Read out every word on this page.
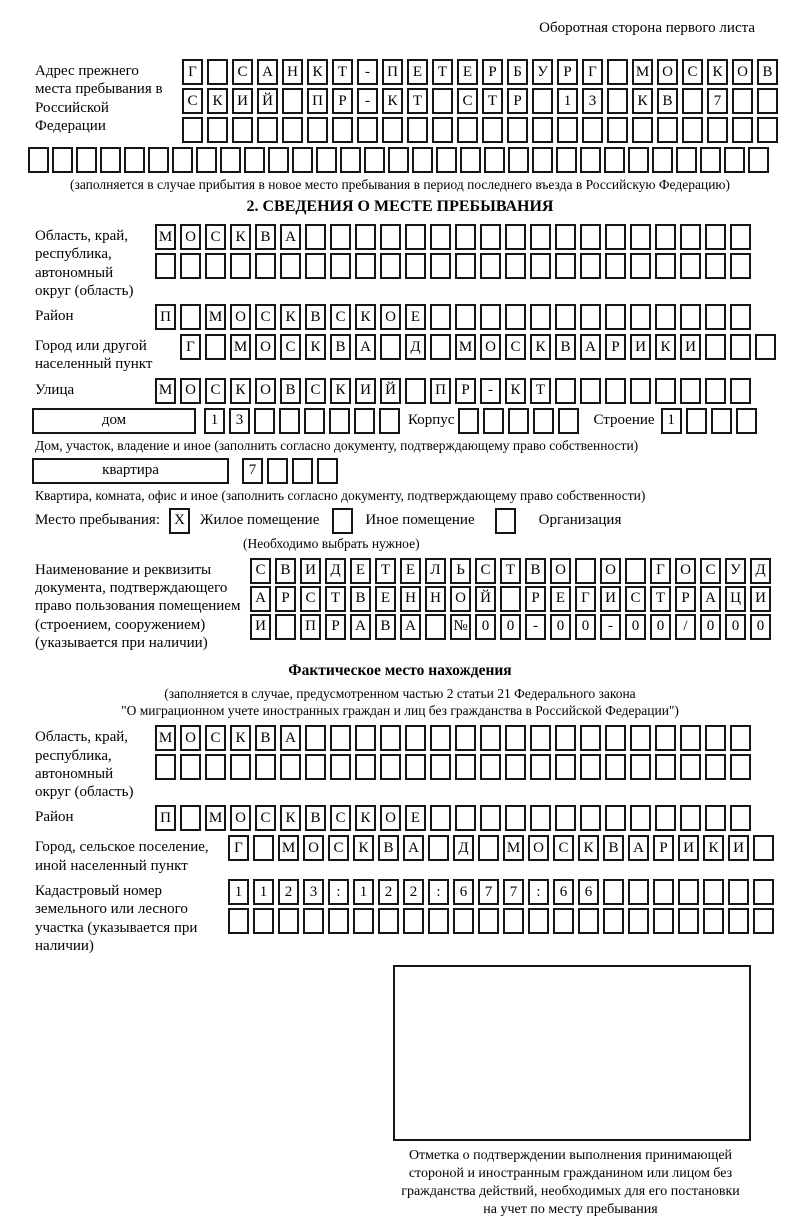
Оборотная сторона первого листа
Адрес прежнего места пребывания в Российской Федерации
Г	С А Н К	Т	-	П Е	Т	Е	Р	Б	У	Р	Г	М О С К О В
С К И Й	П	Р	-	К	Т	С	Т	Р	1	3	К В	7
(заполняется в случае прибытия в новое место пребывания в период последнего въезда в Российскую Федерацию)
2. СВЕДЕНИЯ О МЕСТЕ ПРЕБЫВАНИЯ
Область, край, республика, автономный округ (область)
М О С К В А
Район	П	М О С К В С К О Е
Город или другой населенный пункт
Г	М О С К В А	Д	М О С К В А	Р	И К И
Улица	М О С К О В С К И Й	П	Р	-	К	Т
дом	1	3	Корпус	Строение 1
Дом, участок, владение и иное (заполнить согласно документу, подтверждающему право собственности)
квартира	7
Квартира, комната, офис и иное (заполнить согласно документу, подтверждающему право собственности)
Место пребывания: X	Жилое помещение	Иное помещение	Организация
(Необходимо выбрать нужное)
Наименование и реквизиты документа, подтверждающего право пользования помещением (строением, сооружением) (указывается при наличии)
С В И Д	Е	Т	Е	Л	Ь	С	Т	В О	О	Г	О С У Д
А	Р	С	Т	В	Е	Н Н О Й	Р	Е	Г	И С	Т	Р	А Ц И
И	П	Р	А В А	№ 0	0	-	0	0	-	0	0	/	0	0	0
Фактическое место нахождения
(заполняется в случае, предусмотренном частью 2 статьи 21 Федерального закона
"О миграционном учете иностранных граждан и лиц без гражданства в Российской Федерации")
Область, край, республика, автономный округ (область)
М О С К В А
Район	П	М О С К В С К О Е
Город, сельское поселение, иной населенный пункт
Г	М О С К В А	Д	М О С К В А	Р	И К И
Кадастровый номер земельного или лесного участка (указывается при наличии)
1	1	2	3	:	1	2	2	:	6	7	7	:	6	6
Отметка о подтверждении выполнения принимающей
стороной и иностранным гражданином или лицом без
гражданства действий, необходимых для его постановки
на учет по месту пребывания
